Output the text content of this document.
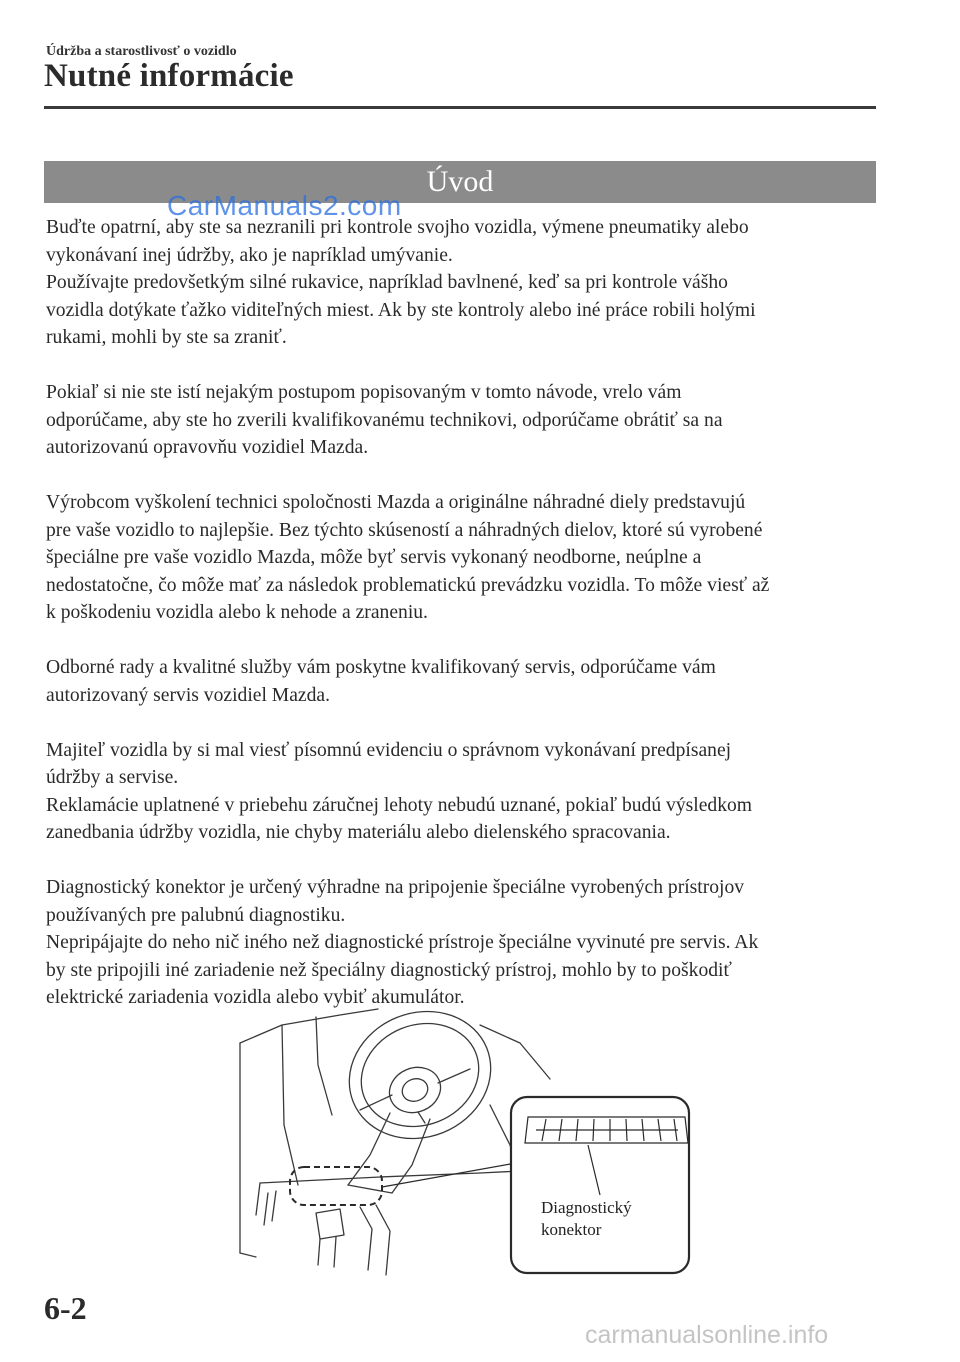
Údržba a starostlivosť o vozidlo
Nutné informácie
Úvod
CarManuals2.com

Buďte opatrní, aby ste sa nezranili pri kontrole svojho vozidla, výmene pneumatiky alebo
vykonávaní inej údržby, ako je napríklad umývanie.
Používajte predovšetkým silné rukavice, napríklad bavlnené, keď sa pri kontrole vášho
vozidla dotýkate ťažko viditeľných miest. Ak by ste kontroly alebo iné práce robili holými
rukami, mohli by ste sa zraniť.

Pokiaľ si nie ste istí nejakým postupom popisovaným v tomto návode, vrelo vám
odporúčame, aby ste ho zverili kvalifikovanému technikovi, odporúčame obrátiť sa na
autorizovanú opravovňu vozidiel Mazda.

Výrobcom vyškolení technici spoločnosti Mazda a originálne náhradné diely predstavujú
pre vaše vozidlo to najlepšie. Bez týchto skúseností a náhradných dielov, ktoré sú vyrobené
špeciálne pre vaše vozidlo Mazda, môže byť servis vykonaný neodborne, neúplne a
nedostatočne, čo môže mať za následok problematickú prevádzku vozidla. To môže viesť až
k poškodeniu vozidla alebo k nehode a zraneniu.

Odborné rady a kvalitné služby vám poskytne kvalifikovaný servis, odporúčame vám
autorizovaný servis vozidiel Mazda.

Majiteľ vozidla by si mal viesť písomnú evidenciu o správnom vykonávaní predpísanej
údržby a servise.
Reklamácie uplatnené v priebehu záručnej lehoty nebudú uznané, pokiaľ budú výsledkom
zanedbania údržby vozidla, nie chyby materiálu alebo dielenského spracovania.

Diagnostický konektor je určený výhradne na pripojenie špeciálne vyrobených prístrojov
používaných pre palubnú diagnostiku.
Nepripájajte do neho nič iného než diagnostické prístroje špeciálne vyvinuté pre servis. Ak
by ste pripojili iné zariadenie než špeciálny diagnostický prístroj, mohlo by to poškodiť
elektrické zariadenia vozidla alebo vybiť akumulátor.

Diagnostický
konektor
6-2
carmanualsonline.info
